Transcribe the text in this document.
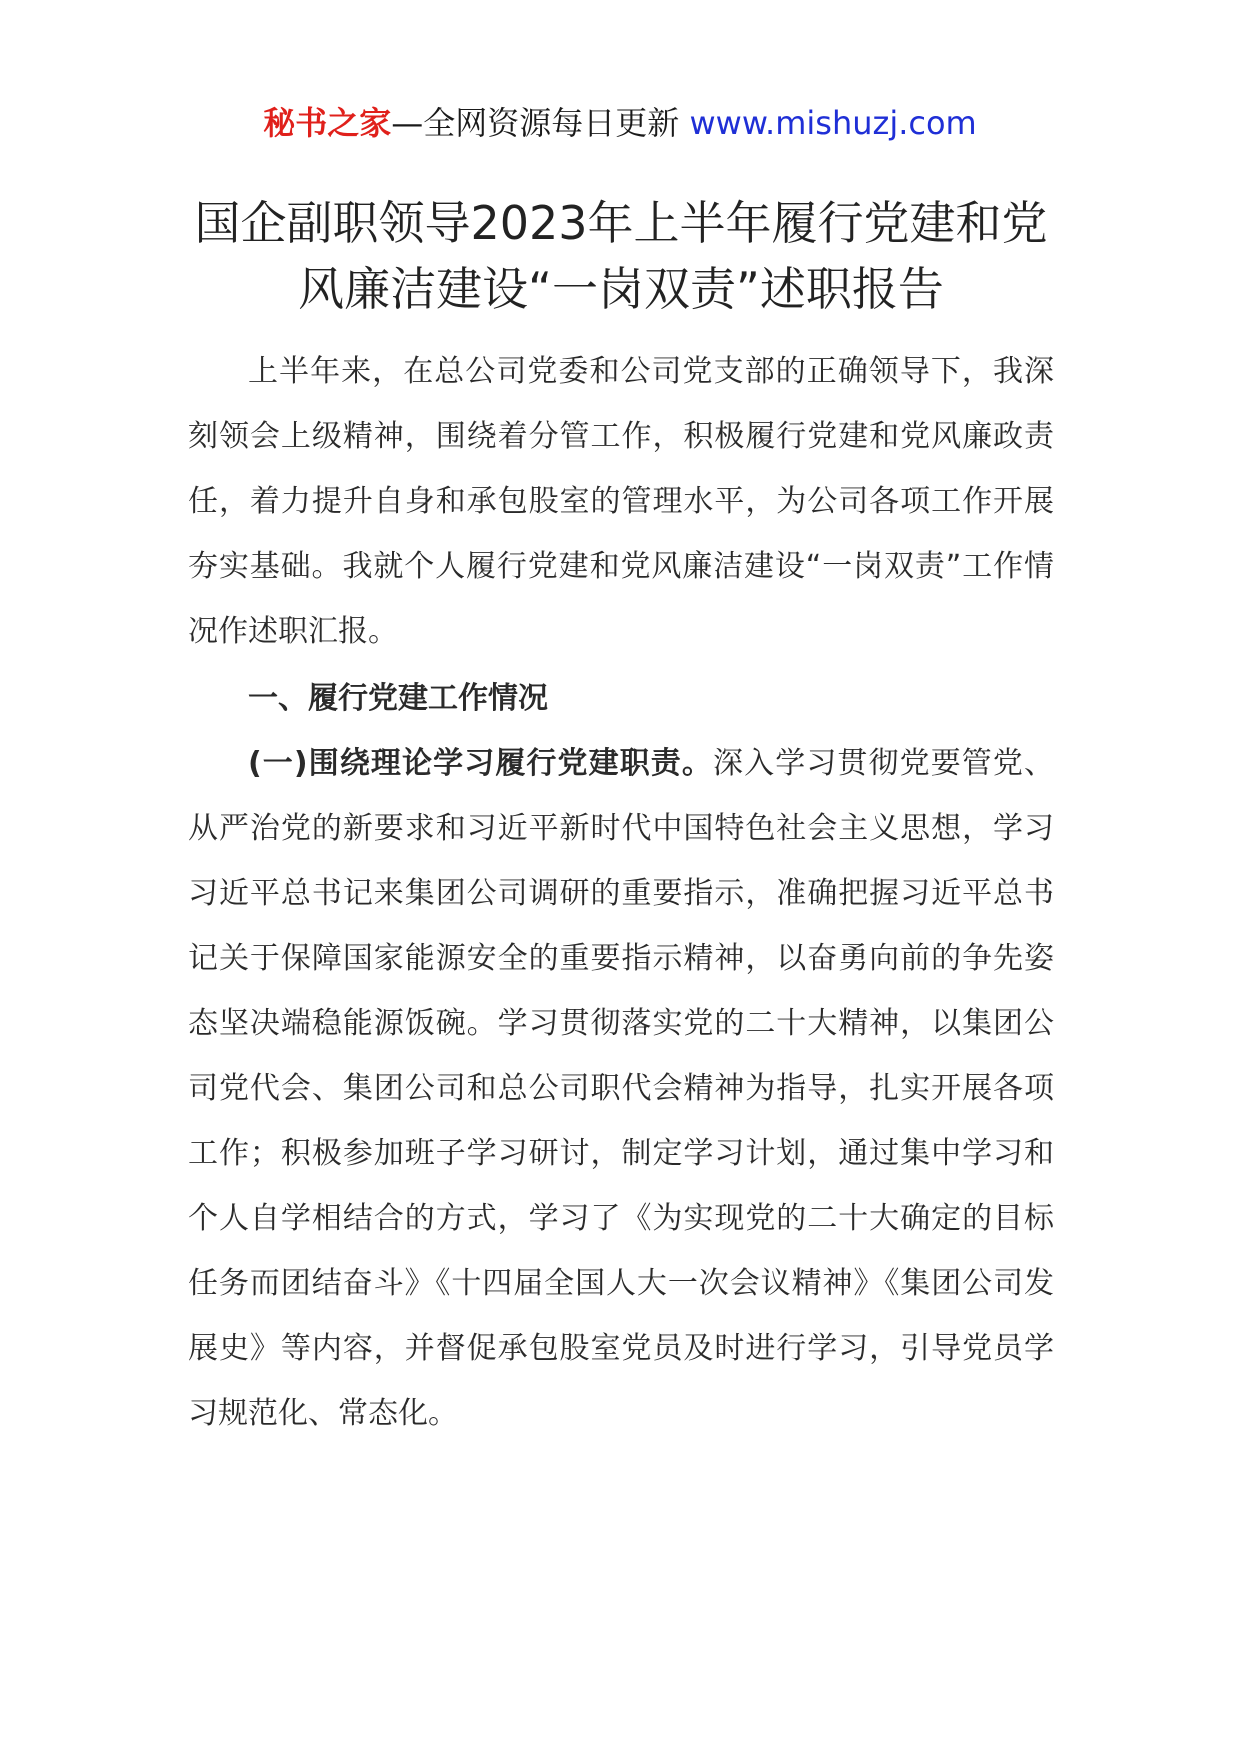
秘书之家—全网资源每日更新 www.mishuzj.com
国企副职领导2023年上半年履行党建和党风廉洁建设“一岗双责”述职报告

上半年来，在总公司党委和公司党支部的正确领导下，我深刻领会上级精神，围绕着分管工作，积极履行党建和党风廉政责任，着力提升自身和承包股室的管理水平，为公司各项工作开展夯实基础。我就个人履行党建和党风廉洁建设“一岗双责”工作情况作述职汇报。

一、履行党建工作情况

(一)围绕理论学习履行党建职责。深入学习贯彻党要管党、从严治党的新要求和习近平新时代中国特色社会主义思想，学习习近平总书记来集团公司调研的重要指示，准确把握习近平总书记关于保障国家能源安全的重要指示精神，以奋勇向前的争先姿态坚决端稳能源饭碗。学习贯彻落实党的二十大精神，以集团公司党代会、集团公司和总公司职代会精神为指导，扎实开展各项工作；积极参加班子学习研讨，制定学习计划，通过集中学习和个人自学相结合的方式，学习了《为实现党的二十大确定的目标任务而团结奋斗》《十四届全国人大一次会议精神》《集团公司发展史》等内容，并督促承包股室党员及时进行学习，引导党员学习规范化、常态化。
